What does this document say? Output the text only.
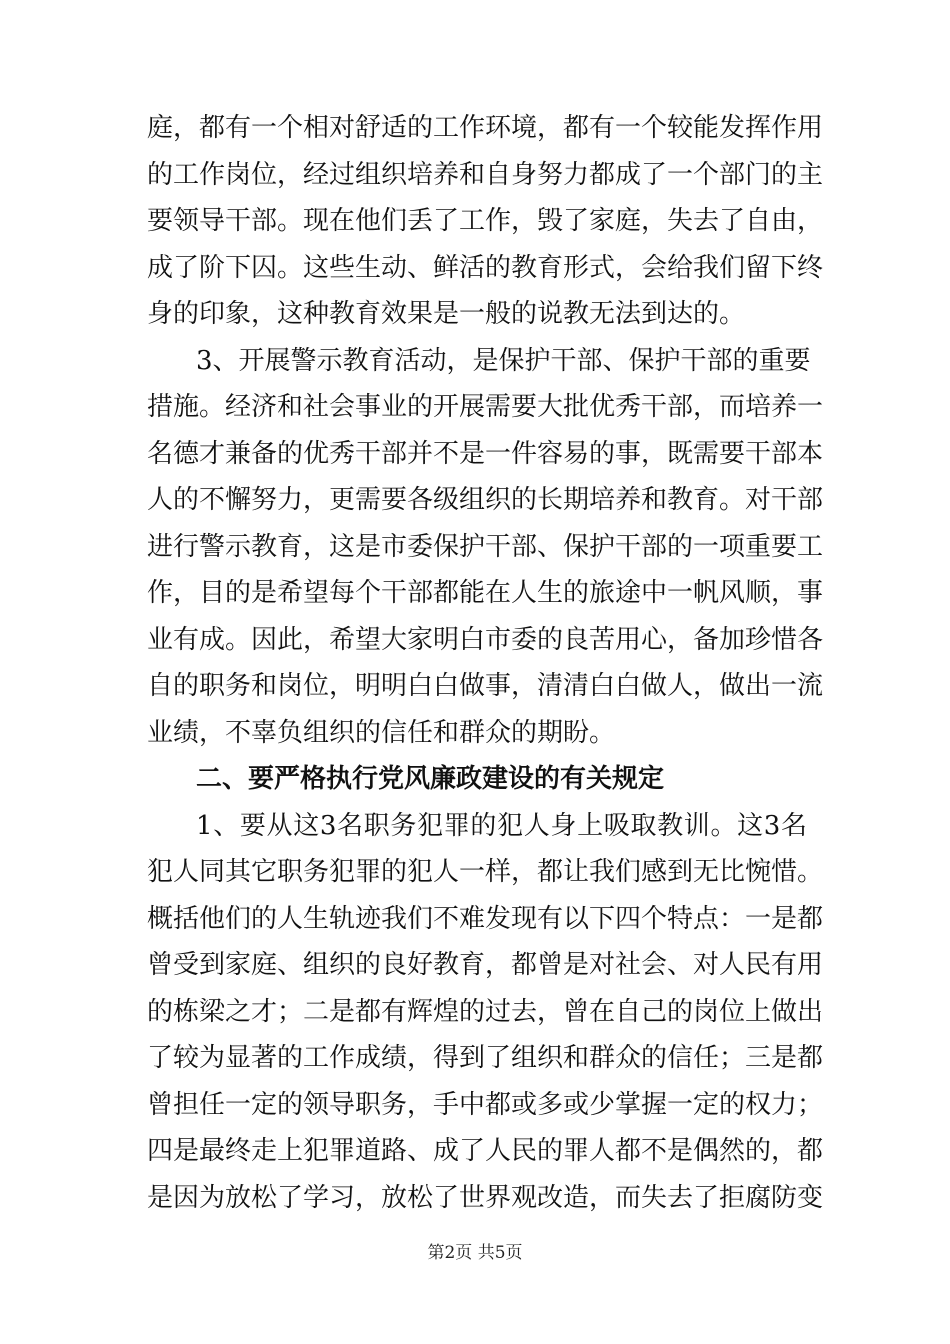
庭，都有一个相对舒适的工作环境，都有一个较能发挥作用
的工作岗位，经过组织培养和自身努力都成了一个部门的主
要领导干部。现在他们丢了工作，毁了家庭，失去了自由，
成了阶下囚。这些生动、鲜活的教育形式，会给我们留下终
身的印象，这种教育效果是一般的说教无法到达的。
3、开展警示教育活动，是保护干部、保护干部的重要
措施。经济和社会事业的开展需要大批优秀干部，而培养一
名德才兼备的优秀干部并不是一件容易的事，既需要干部本
人的不懈努力，更需要各级组织的长期培养和教育。对干部
进行警示教育，这是市委保护干部、保护干部的一项重要工
作，目的是希望每个干部都能在人生的旅途中一帆风顺，事
业有成。因此，希望大家明白市委的良苦用心，备加珍惜各
自的职务和岗位，明明白白做事，清清白白做人，做出一流
业绩，不辜负组织的信任和群众的期盼。
二、要严格执行党风廉政建设的有关规定
1、要从这3名职务犯罪的犯人身上吸取教训。这3名
犯人同其它职务犯罪的犯人一样，都让我们感到无比惋惜。
概括他们的人生轨迹我们不难发现有以下四个特点：一是都
曾受到家庭、组织的良好教育，都曾是对社会、对人民有用
的栋梁之才；二是都有辉煌的过去，曾在自己的岗位上做出
了较为显著的工作成绩，得到了组织和群众的信任；三是都
曾担任一定的领导职务，手中都或多或少掌握一定的权力；
四是最终走上犯罪道路、成了人民的罪人都不是偶然的，都
是因为放松了学习，放松了世界观改造，而失去了拒腐防变
第2页 共5页
